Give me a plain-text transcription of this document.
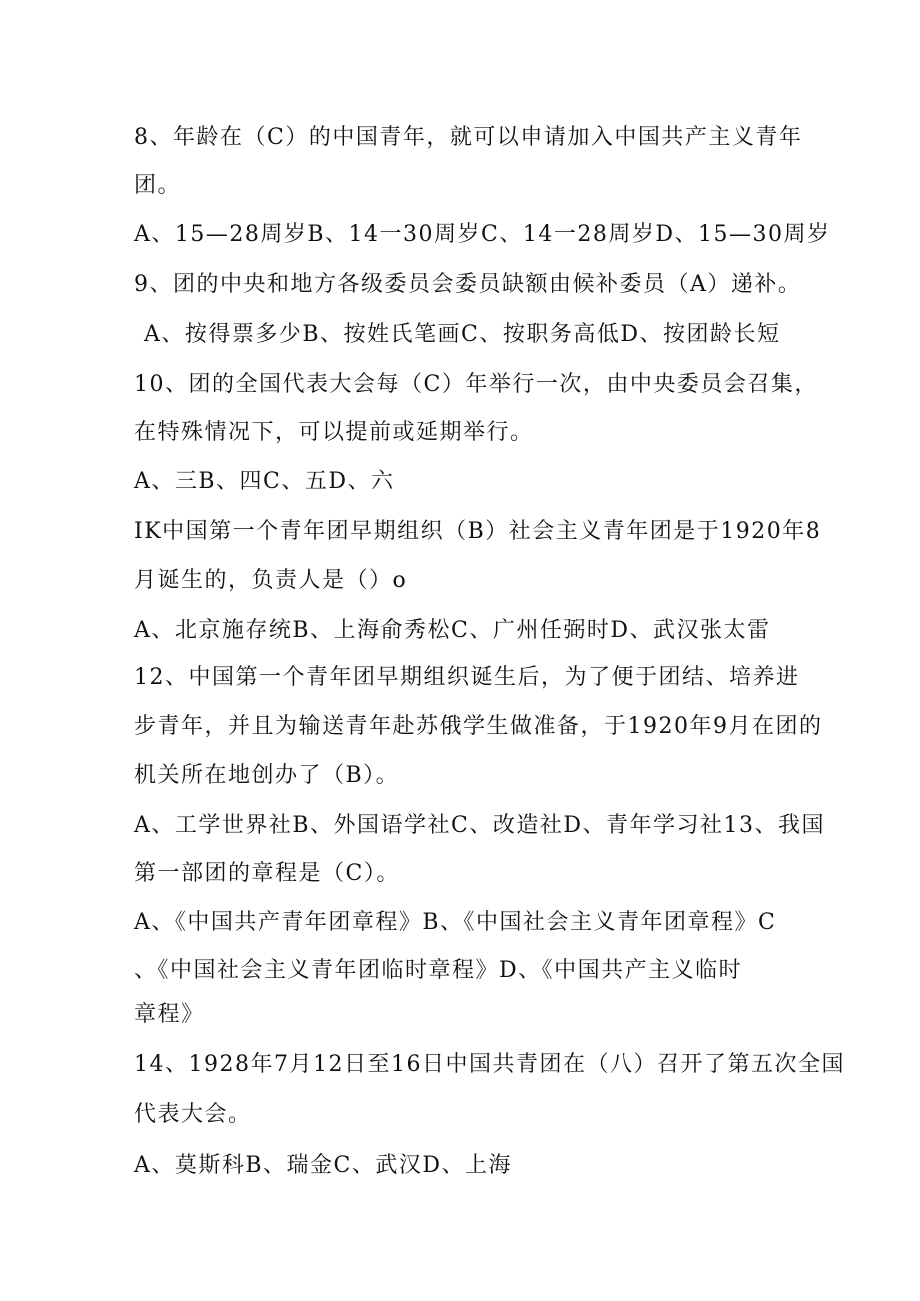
8、年龄在（C）的中国青年，就可以申请加入中国共产主义青年
团。
A、15—28周岁B、14一30周岁C、14一28周岁D、15—30周岁
9、团的中央和地方各级委员会委员缺额由候补委员（A）递补。
A、按得票多少B、按姓氏笔画C、按职务高低D、按团龄长短
10、团的全国代表大会每（C）年举行一次，由中央委员会召集，
在特殊情况下，可以提前或延期举行。
A、三B、四C、五D、六
IK中国第一个青年团早期组织（B）社会主义青年团是于1920年8
月诞生的，负责人是（）o
A、北京施存统B、上海俞秀松C、广州任弼时D、武汉张太雷
12、中国第一个青年团早期组织诞生后，为了便于团结、培养进
步青年，并且为输送青年赴苏俄学生做准备，于1920年9月在团的
机关所在地创办了（B）。
A、工学世界社B、外国语学社C、改造社D、青年学习社13、我国
第一部团的章程是（C）。
A、《中国共产青年团章程》B、《中国社会主义青年团章程》C
、《中国社会主义青年团临时章程》D、《中国共产主义临时
章程》
14、1928年7月12日至16日中国共青团在（八）召开了第五次全国
代表大会。
A、莫斯科B、瑞金C、武汉D、上海
